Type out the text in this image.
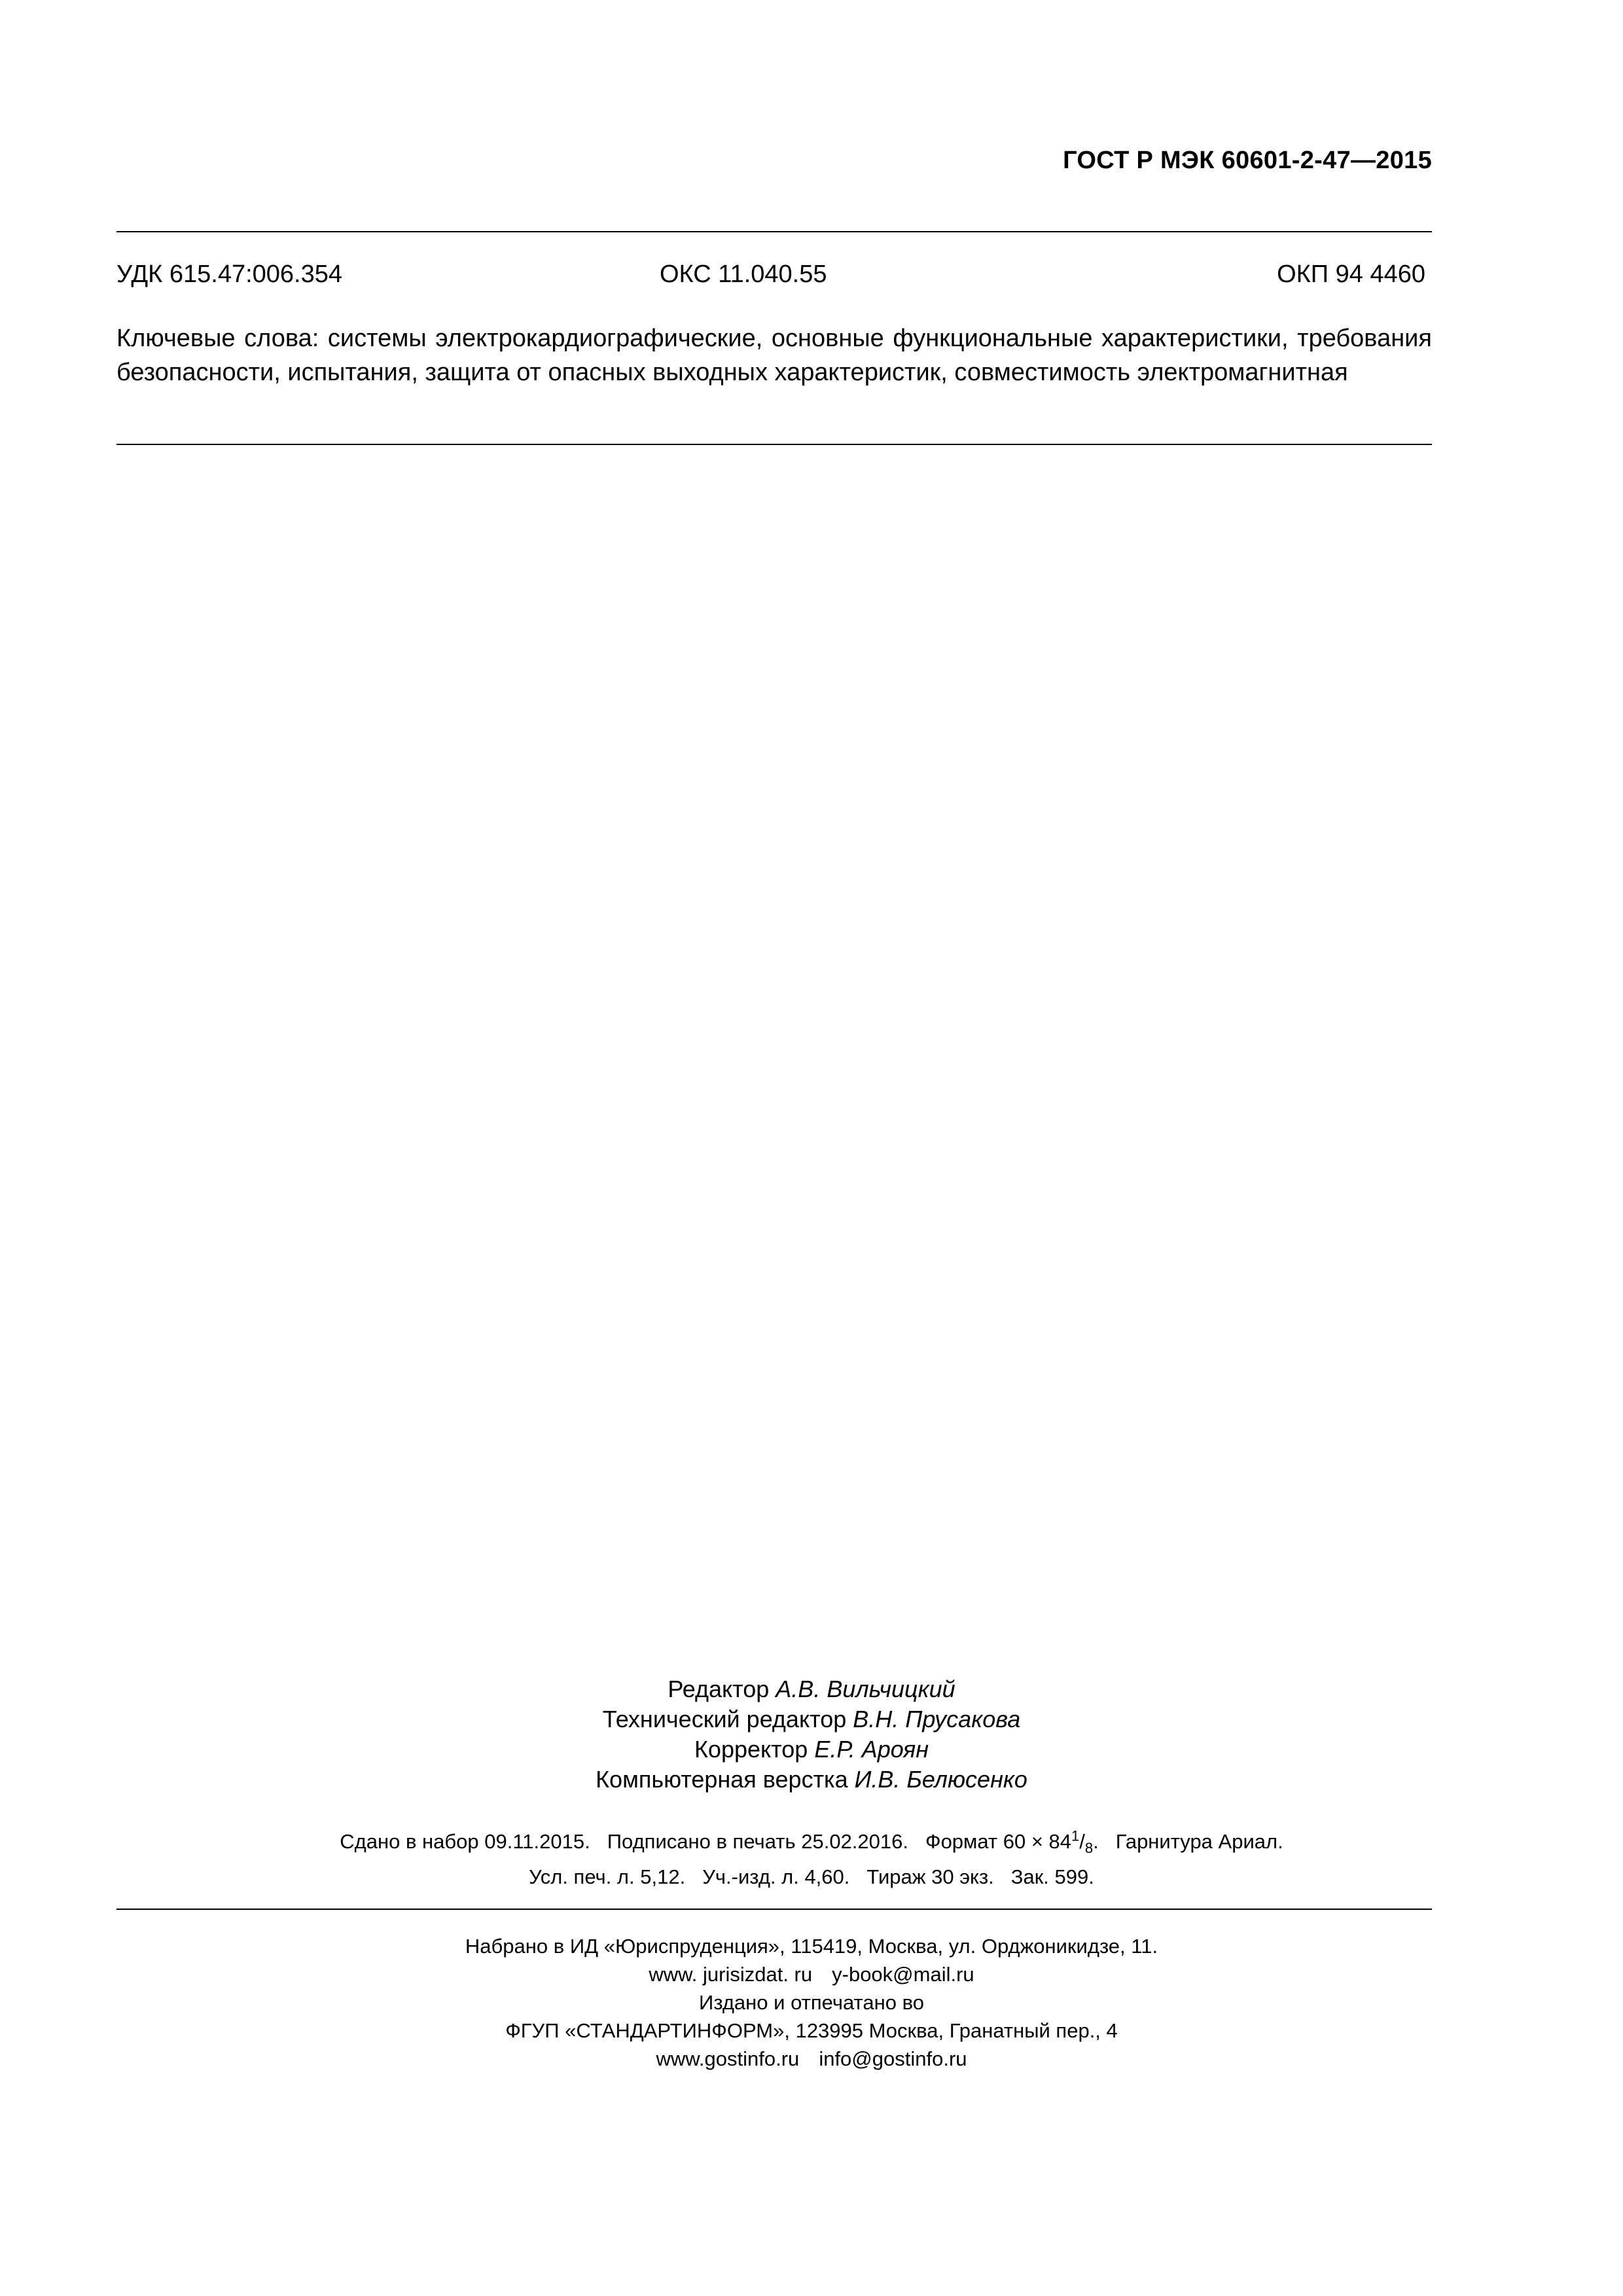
ГОСТ Р МЭК 60601-2-47—2015
УДК 615.47:006.354	ОКС 11.040.55	ОКП 94 4460
Ключевые слова: системы электрокардиографические, основные функциональные характеристики, требования безопасности, испытания, защита от опасных выходных характеристик, совместимость электромагнитная
Редактор А.В. Вильчицкий
Технический редактор В.Н. Прусакова
Корректор Е.Р. Ароян
Компьютерная верстка И.В. Белюсенко
Сдано в набор 09.11.2015. Подписано в печать 25.02.2016. Формат $60 \times 84^1/_8$. Гарнитура Ариал.
Усл. печ. л. 5,12. Уч.-изд. л. 4,60. Тираж 30 экз. Зак. 599.
Набрано в ИД «Юриспруденция», 115419, Москва, ул. Орджоникидзе, 11.
www. jurisizdat. ru y-book@mail.ru
Издано и отпечатано во
ФГУП «СТАНДАРТИНФОРМ», 123995 Москва, Гранатный пер., 4
www.gostinfo.ru info@gostinfo.ru
